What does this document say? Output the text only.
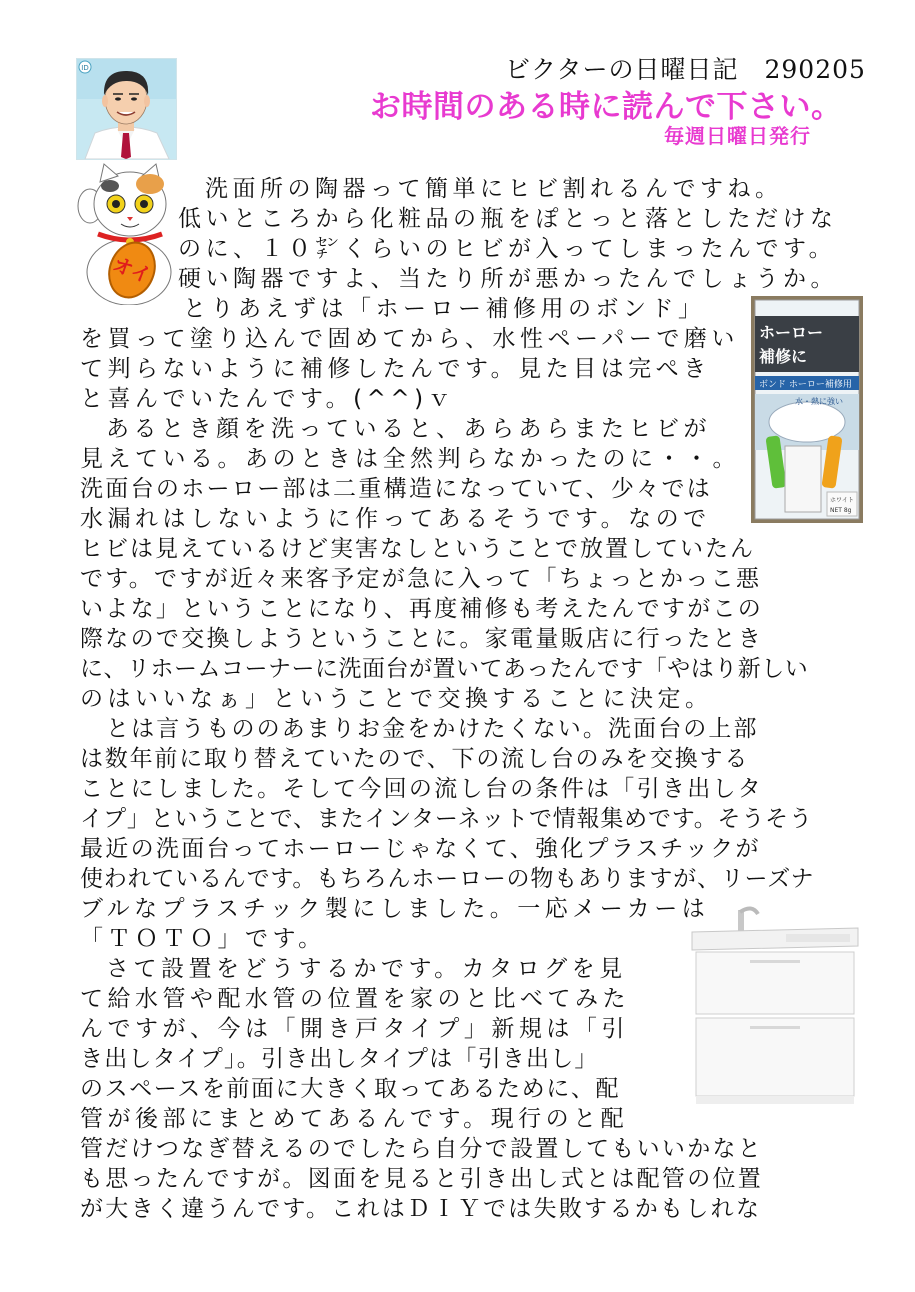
ビクターの日曜日記　290205
お時間のある時に読んで下さい。
毎週日曜日発行
ID
オイ
ホーロー
補修に
ボンド ホーロー補修用
水・熱に強い
ホワイト
NET 8g
洗面所の陶器って簡単にヒビ割れるんですね。
低いところから化粧品の瓶をぽとっと落としただけな
のに、１０㌢くらいのヒビが入ってしまったんです。
硬い陶器ですよ、当たり所が悪かったんでしょうか。
とりあえずは「ホーロー補修用のボンド」
を買って塗り込んで固めてから、水性ペーパーで磨い
て判らないように補修したんです。見た目は完ぺき
と喜んでいたんです。(^^)ｖ
あるとき顔を洗っていると、あらあらまたヒビが
見えている。あのときは全然判らなかったのに・・。
洗面台のホーロー部は二重構造になっていて、少々では
水漏れはしないように作ってあるそうです。なので
ヒビは見えているけど実害なしということで放置していたん
です。ですが近々来客予定が急に入って「ちょっとかっこ悪
いよな」ということになり、再度補修も考えたんですがこの
際なので交換しようということに。家電量販店に行ったとき
に、リホームコーナーに洗面台が置いてあったんです「やはり新しい
のはいいなぁ」ということで交換することに決定。
とは言うもののあまりお金をかけたくない。洗面台の上部
は数年前に取り替えていたので、下の流し台のみを交換する
ことにしました。そして今回の流し台の条件は「引き出しタ
イプ」ということで、またインターネットで情報集めです。そうそう
最近の洗面台ってホーローじゃなくて、強化プラスチックが
使われているんです。もちろんホーローの物もありますが、リーズナ
ブルなプラスチック製にしました。一応メーカーは
「ＴＯＴＯ」です。
さて設置をどうするかです。カタログを見
て給水管や配水管の位置を家のと比べてみた
んですが、今は「開き戸タイプ」新規は「引
き出しタイプ」。引き出しタイプは「引き出し」
のスペースを前面に大きく取ってあるために、配
管が後部にまとめてあるんです。現行のと配
管だけつなぎ替えるのでしたら自分で設置してもいいかなと
も思ったんですが。図面を見ると引き出し式とは配管の位置
が大きく違うんです。これはＤＩＹでは失敗するかもしれな
